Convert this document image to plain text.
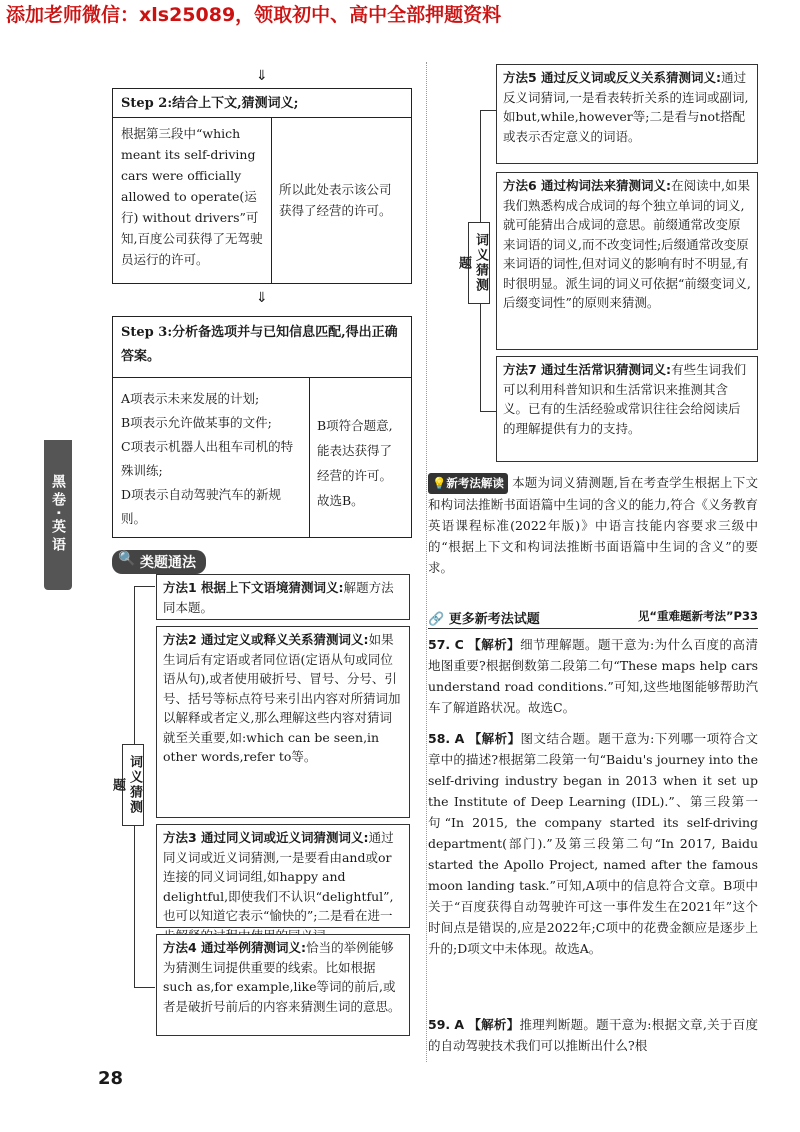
添加老师微信：xls25089，领取初中、高中全部押题资料
⇓
Step 2:结合上下文,猜测词义;
根据第三段中“which meant its self-driving cars were officially allowed to operate(运行) without drivers”可知,百度公司获得了无驾驶员运行的许可。
所以此处表示该公司获得了经营的许可。
⇓
Step 3:分析备选项并与已知信息匹配,得出正确答案。
A项表示未来发展的计划;
B项表示允许做某事的文件;
C项表示机器人出租车司机的特殊训练;
D项表示自动驾驶汽车的新规则。
B项符合题意,能表达获得了经营的许可。故选B。
黑卷·英语
🔍 类题通法
词义猜测题
方法1 根据上下文语境猜测词义:解题方法同本题。
方法2 通过定义或释义关系猜测词义:如果生词后有定语或者同位语(定语从句或同位语从句),或者使用破折号、冒号、分号、引号、括号等标点符号来引出内容对所猜词加以解释或者定义,那么理解这些内容对猜词就至关重要,如:which can be seen,in other words,refer to等。
方法3 通过同义词或近义词猜测词义:通过同义词或近义词猜测,一是要看由and或or连接的同义词词组,如happy and delightful,即使我们不认识“delightful”,也可以知道它表示“愉快的”;二是看在进一
方法4 通过举例猜测词义:恰当的举例能够为猜测生词提供重要的线索。比如根据such as,for example,like等词的前后,或者是破折号前后的内容来猜测生词的意思。
词义猜测题
方法5 通过反义词或反义关系猜测词义:通过反义词猜词,一是看表转折关系的连词或副词,如but,while,however等;二是看与not搭配或表示否定意义的词语。
方法6 通过构词法来猜测词义:在阅读中,如果我们熟悉构成合成词的每个独立单词的词义,就可能猜出合成词的意思。前缀通常改变原来词语的词义,而不改变词性;后缀通常改变原来词语的词性,但对词义的影响有时不明显,有时很明显。派生词的词义可依据“前缀变词义,后缀变词性”的原则来猜测。
方法7 通过生活常识猜测词义:有些生词我们可以利用科普知识和生活常识来推测其含义。已有的生活经验或常识往往会给阅读后的理解提供有力的支持。
💡新考法解读 本题为词义猜测题,旨在考查学生根据上下文和构词法推断书面语篇中生词的含义的能力,符合《义务教育英语课程标准(2022年版)》中语言技能内容要求三级中的“根据上下文和构词法推断书面语篇中生词的含义”的要求。
🔗 更多新考法试题	见“重难题新考法”P33
57. C 【解析】细节理解题。题干意为:为什么百度的高清地图重要?根据倒数第二段第二句“These maps help cars understand road conditions.”可知,这些地图能够帮助汽车了解道路状况。故选C。
58. A 【解析】图文结合题。题干意为:下列哪一项符合文章中的描述?根据第二段第一句“Baidu's journey into the self-driving industry began in 2013 when it set up the Institute of Deep Learning (IDL).”、第三段第一句“In 2015, the company started its self-driving department(部门).”及第三段第二句“In 2017, Baidu started the Apollo Project, named after the famous moon landing task.”可知,A项中的信息符合文章。B项中关于“百度获得自动驾驶许可这一事件发生在2021年”这个时间点是错误的,应是2022年;C项中的花费金额应是逐步上升的;D项文中未体现。故选A。
59. A 【解析】推理判断题。题干意为:根据文章,关于百度的自动驾驶技术我们可以推断出什么?根
28
